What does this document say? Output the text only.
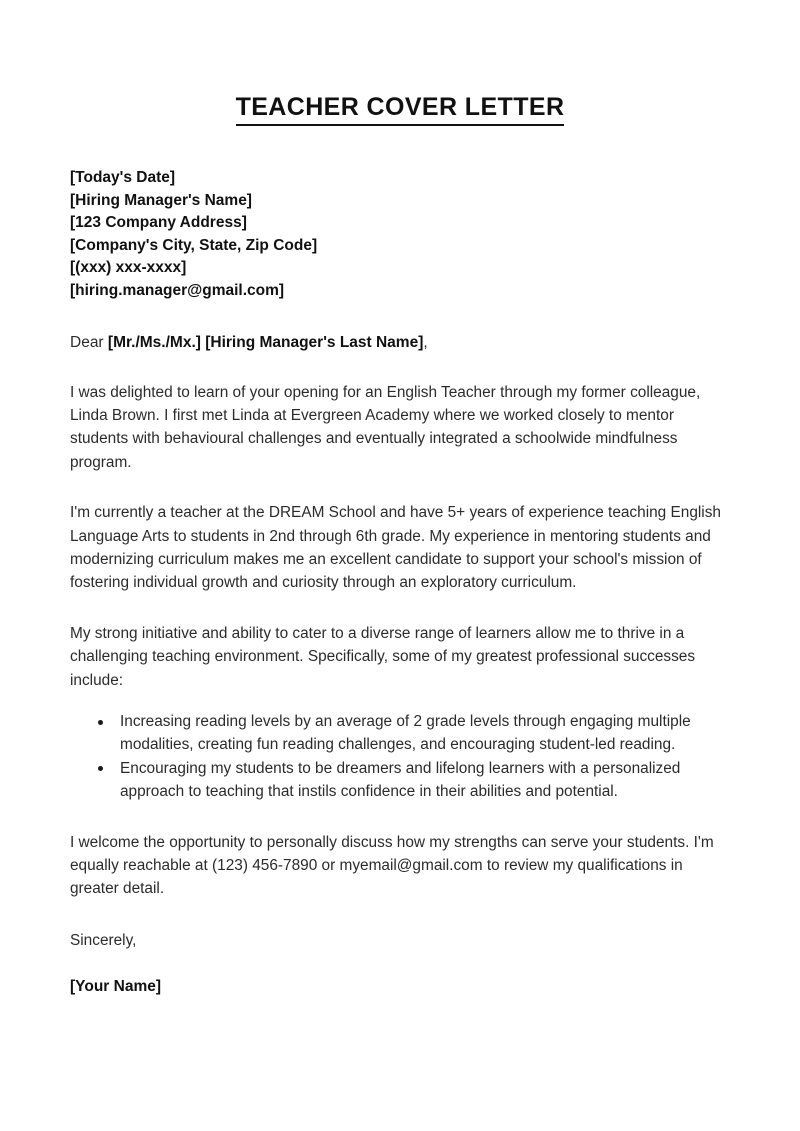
TEACHER COVER LETTER
[Today's Date]
[Hiring Manager's Name]
[123 Company Address]
[Company's City, State, Zip Code]
[(xxx) xxx-xxxx]
[hiring.manager@gmail.com]
Dear [Mr./Ms./Mx.] [Hiring Manager's Last Name],

I was delighted to learn of your opening for an English Teacher through my former colleague, Linda Brown. I first met Linda at Evergreen Academy where we worked closely to mentor students with behavioural challenges and eventually integrated a schoolwide mindfulness program.

I'm currently a teacher at the DREAM School and have 5+ years of experience teaching English Language Arts to students in 2nd through 6th grade. My experience in mentoring students and modernizing curriculum makes me an excellent candidate to support your school's mission of fostering individual growth and curiosity through an exploratory curriculum.

My strong initiative and ability to cater to a diverse range of learners allow me to thrive in a challenging teaching environment. Specifically, some of my greatest professional successes include:

Increasing reading levels by an average of 2 grade levels through engaging multiple modalities, creating fun reading challenges, and encouraging student-led reading.
Encouraging my students to be dreamers and lifelong learners with a personalized approach to teaching that instils confidence in their abilities and potential.

I welcome the opportunity to personally discuss how my strengths can serve your students. I'm equally reachable at (123) 456-7890 or myemail@gmail.com to review my qualifications in greater detail.

Sincerely,
[Your Name]
